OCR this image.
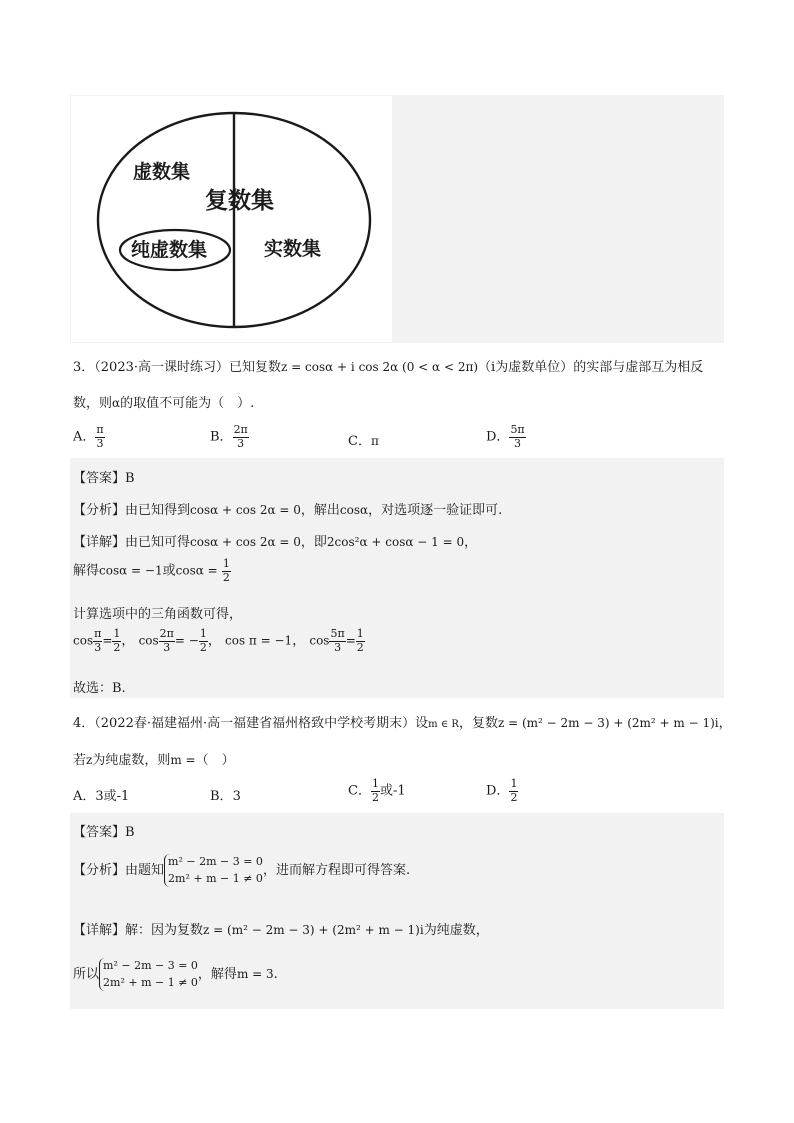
虚数集
复数集
纯虚数集	实数集
3．（2023·高一课时练习）已知复数z = cosα + i cos 2α (0 < α < 2π)（i为虚数单位）的实部与虚部互为相反
数，则α的取值不可能为（　）.
A． $\frac{\pi}{3}$	B． $\frac{2\pi}{3}$	C．π	D． $\frac{5\pi}{3}$
【答案】B
【分析】由已知得到cosα + cos 2α = 0，解出cosα，对选项逐一验证即可.
【详解】由已知可得cosα + cos 2α = 0，即2cos²α + cosα − 1 = 0，
解得cosα = −1或$\cos\alpha = \frac{1}{2}$
计算选项中的三角函数可得，
$\cos \frac{\pi}{3} = \frac{1}{2}$ ， $\cos \frac{2\pi}{3}$ = − $\frac{1}{2}$ ， cos π = −1， $\cos \frac{5\pi}{3} = \frac{1}{2}$
故选：B.
4．（2022春·福建福州·高一福建省福州格致中学校考期末）设m ∈ R，复数z = (m² − 2m − 3) + (2m² + m − 1)i，
若z为纯虚数，则m =（　）
A．3或-1	B．3	C． $\frac{1}{2}$ 或-1	D． $\frac{1}{2}$
【答案】B
【分析】由题知
m² − 2m − 3 = 0
2m² + m − 1 ≠ 0 ，进而解方程即可得答案.
【详解】解：因为复数z = (m² − 2m − 3) + (2m² + m − 1)i为纯虚数，
所以
m² − 2m − 3 = 0
2m² + m − 1 ≠ 0 ，解得m = 3.
